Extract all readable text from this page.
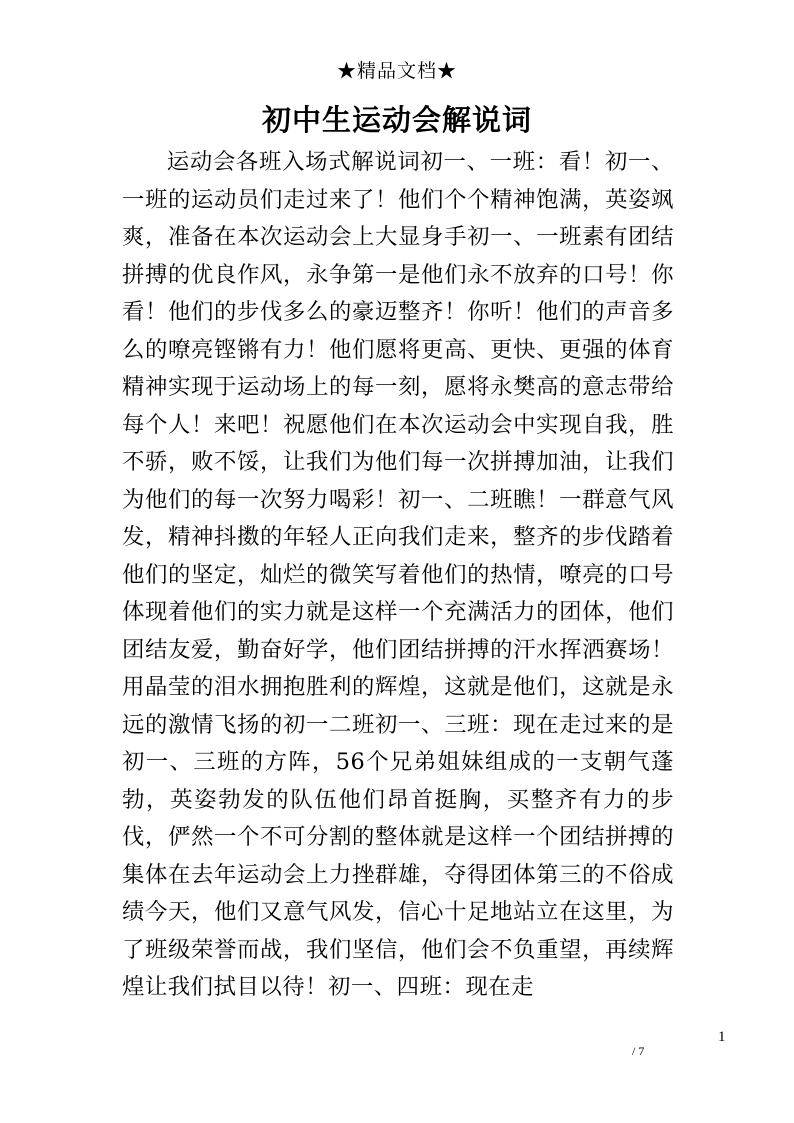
★精品文档★
初中生运动会解说词

运动会各班入场式解说词初一、一班：看！初一、一班的运动员们走过来了！他们个个精神饱满，英姿飒爽，准备在本次运动会上大显身手初一、一班素有团结拼搏的优良作风，永争第一是他们永不放弃的口号！你看！他们的步伐多么的豪迈整齐！你听！他们的声音多么的嘹亮铿锵有力！他们愿将更高、更快、更强的体育精神实现于运动场上的每一刻，愿将永樊高的意志带给每个人！来吧！祝愿他们在本次运动会中实现自我，胜不骄，败不馁，让我们为他们每一次拼搏加油，让我们为他们的每一次努力喝彩！初一、二班瞧！一群意气风发，精神抖擞的年轻人正向我们走来，整齐的步伐踏着他们的坚定，灿烂的微笑写着他们的热情，嘹亮的口号体现着他们的实力就是这样一个充满活力的团体，他们团结友爱，勤奋好学，他们团结拼搏的汗水挥洒赛场！用晶莹的泪水拥抱胜利的辉煌，这就是他们，这就是永远的激情飞扬的初一二班初一、三班：现在走过来的是初一、三班的方阵，56个兄弟姐妹组成的一支朝气蓬勃，英姿勃发的队伍他们昂首挺胸，买整齐有力的步伐，俨然一个不可分割的整体就是这样一个团结拼搏的集体在去年运动会上力挫群雄，夺得团体第三的不俗成绩今天，他们又意气风发，信心十足地站立在这里，为了班级荣誉而战，我们坚信，他们会不负重望，再续辉煌让我们拭目以待！初一、四班：现在走

1
/ 7
